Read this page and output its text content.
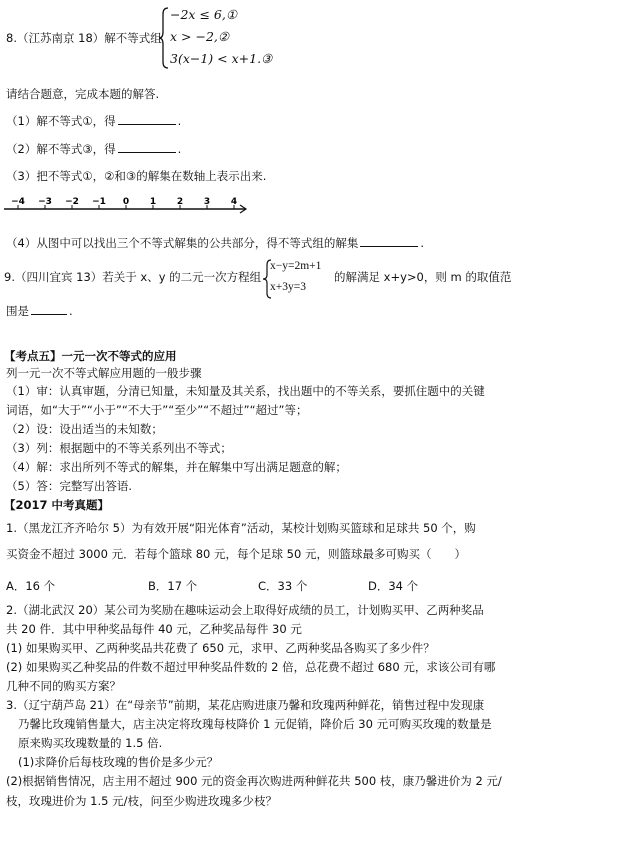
8.（江苏南京 18）解不等式组
−2x ≤ 6,①
x > −2,②
3(x−1) < x+1.③
请结合题意，完成本题的解答.
（1）解不等式①，得	.
（2）解不等式③，得	.
（3）把不等式①，②和③的解集在数轴上表示出来.
−4 −3 −2 −1 0 1 2 3 4
（4）从图中可以找出三个不等式解集的公共部分，得不等式组的解集	.
9.（四川宜宾 13）若关于 x、y 的二元一次方程组
x−y=2m+1
x+3y=3
的解满足 x+y>0，则 m 的取值范
围是	.
【考点五】一元一次不等式的应用
列一元一次不等式解应用题的一般步骤
（1）审：认真审题，分清已知量，未知量及其关系，找出题中的不等关系，要抓住题中的关键
词语，如“大于”“小于”“不大于”“至少”“不超过”“超过”等；
（2）设：设出适当的未知数；
（3）列：根据题中的不等关系列出不等式；
（4）解：求出所列不等式的解集，并在解集中写出满足题意的解；
（5）答：完整写出答语.
【2017 中考真题】
1.（黑龙江齐齐哈尔 5）为有效开展“阳光体育”活动，某校计划购买篮球和足球共 50 个，购
买资金不超过 3000 元．若每个篮球 80 元，每个足球 50 元，则篮球最多可购买（　　）
A．16 个	B．17 个	C．33 个	D．34 个
2.（湖北武汉 20）某公司为奖励在趣味运动会上取得好成绩的员工，计划购买甲、乙两种奖品
共 20 件．其中甲种奖品每件 40 元，乙种奖品每件 30 元
(1) 如果购买甲、乙两种奖品共花费了 650 元，求甲、乙两种奖品各购买了多少件？
(2) 如果购买乙种奖品的件数不超过甲种奖品件数的 2 倍，总花费不超过 680 元，求该公司有哪
几种不同的购买方案？
3.（辽宁葫芦岛 21）在“母亲节”前期，某花店购进康乃馨和玫瑰两种鲜花，销售过程中发现康
乃馨比玫瑰销售量大，店主决定将玫瑰每枝降价 1 元促销，降价后 30 元可购买玫瑰的数量是
原来购买玫瑰数量的 1.5 倍.
(1)求降价后每枝玫瑰的售价是多少元？
(2)根据销售情况，店主用不超过 900 元的资金再次购进两种鲜花共 500 枝，康乃馨进价为 2 元/
枝，玫瑰进价为 1.5 元/枝，问至少购进玫瑰多少枝？
